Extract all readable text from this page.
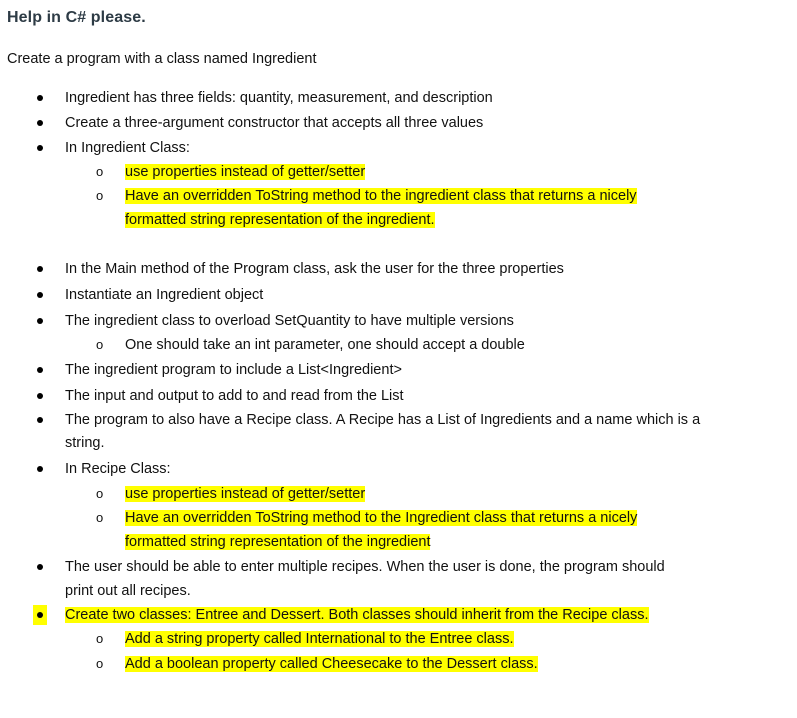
Help in C# please.
Create a program with a class named Ingredient
Ingredient has three fields: quantity, measurement, and description
Create a three-argument constructor that accepts all three values
In Ingredient Class:
o use properties instead of getter/setter
o Have an overridden ToString method to the ingredient class that returns a nicely
formatted string representation of the ingredient.
In the Main method of the Program class, ask the user for the three properties
Instantiate an Ingredient object
The ingredient class to overload SetQuantity to have multiple versions
o One should take an int parameter, one should accept a double
The ingredient program to include a List<Ingredient>
The input and output to add to and read from the List
The program to also have a Recipe class. A Recipe has a List of Ingredients and a name which is a
string.
In Recipe Class:
o use properties instead of getter/setter
o Have an overridden ToString method to the Ingredient class that returns a nicely
formatted string representation of the ingredient
The user should be able to enter multiple recipes. When the user is done, the program should
print out all recipes.
Create two classes: Entree and Dessert. Both classes should inherit from the Recipe class.
o Add a string property called International to the Entree class.
o Add a boolean property called Cheesecake to the Dessert class.
